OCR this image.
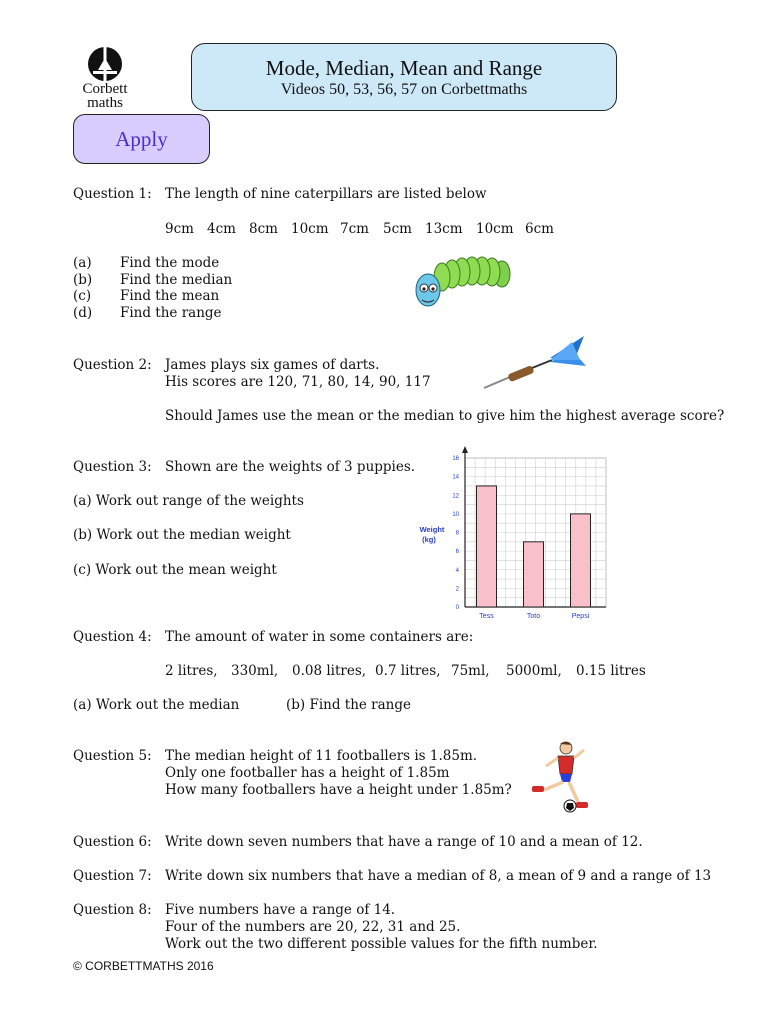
Corbett
maths
Mode, Median, Mean and Range
Videos 50, 53, 56, 57 on Corbettmaths
Apply
Question 1: The length of nine caterpillars are listed below
9cm 4cm 8cm 10cm 7cm 5cm 13cm 10cm 6cm
(a) Find the mode
(b) Find the median
(c) Find the mean
(d) Find the range
Question 2: James plays six games of darts.
His scores are 120, 71, 80, 14, 90, 117
Should James use the mean or the median to give him the highest average score?
Question 3: Shown are the weights of 3 puppies.
(a) Work out range of the weights
(b) Work out the median weight
(c) Work out the mean weight
0
2
4
6
8
10
12
14
16
Weight
(kg)
Tess	Toto	Pepsi
Question 4: The amount of water in some containers are:
2 litres, 330ml, 0.08 litres, 0.7 litres, 75ml, 5000ml, 0.15 litres
(a) Work out the median	(b) Find the range
Question 5: The median height of 11 footballers is 1.85m.
Only one footballer has a height of 1.85m
How many footballers have a height under 1.85m?
Question 6: Write down seven numbers that have a range of 10 and a mean of 12.
Question 7: Write down six numbers that have a median of 8, a mean of 9 and a range of 13
Question 8: Five numbers have a range of 14.
Four of the numbers are 20, 22, 31 and 25.
Work out the two different possible values for the fifth number.
© CORBETTMATHS 2016
